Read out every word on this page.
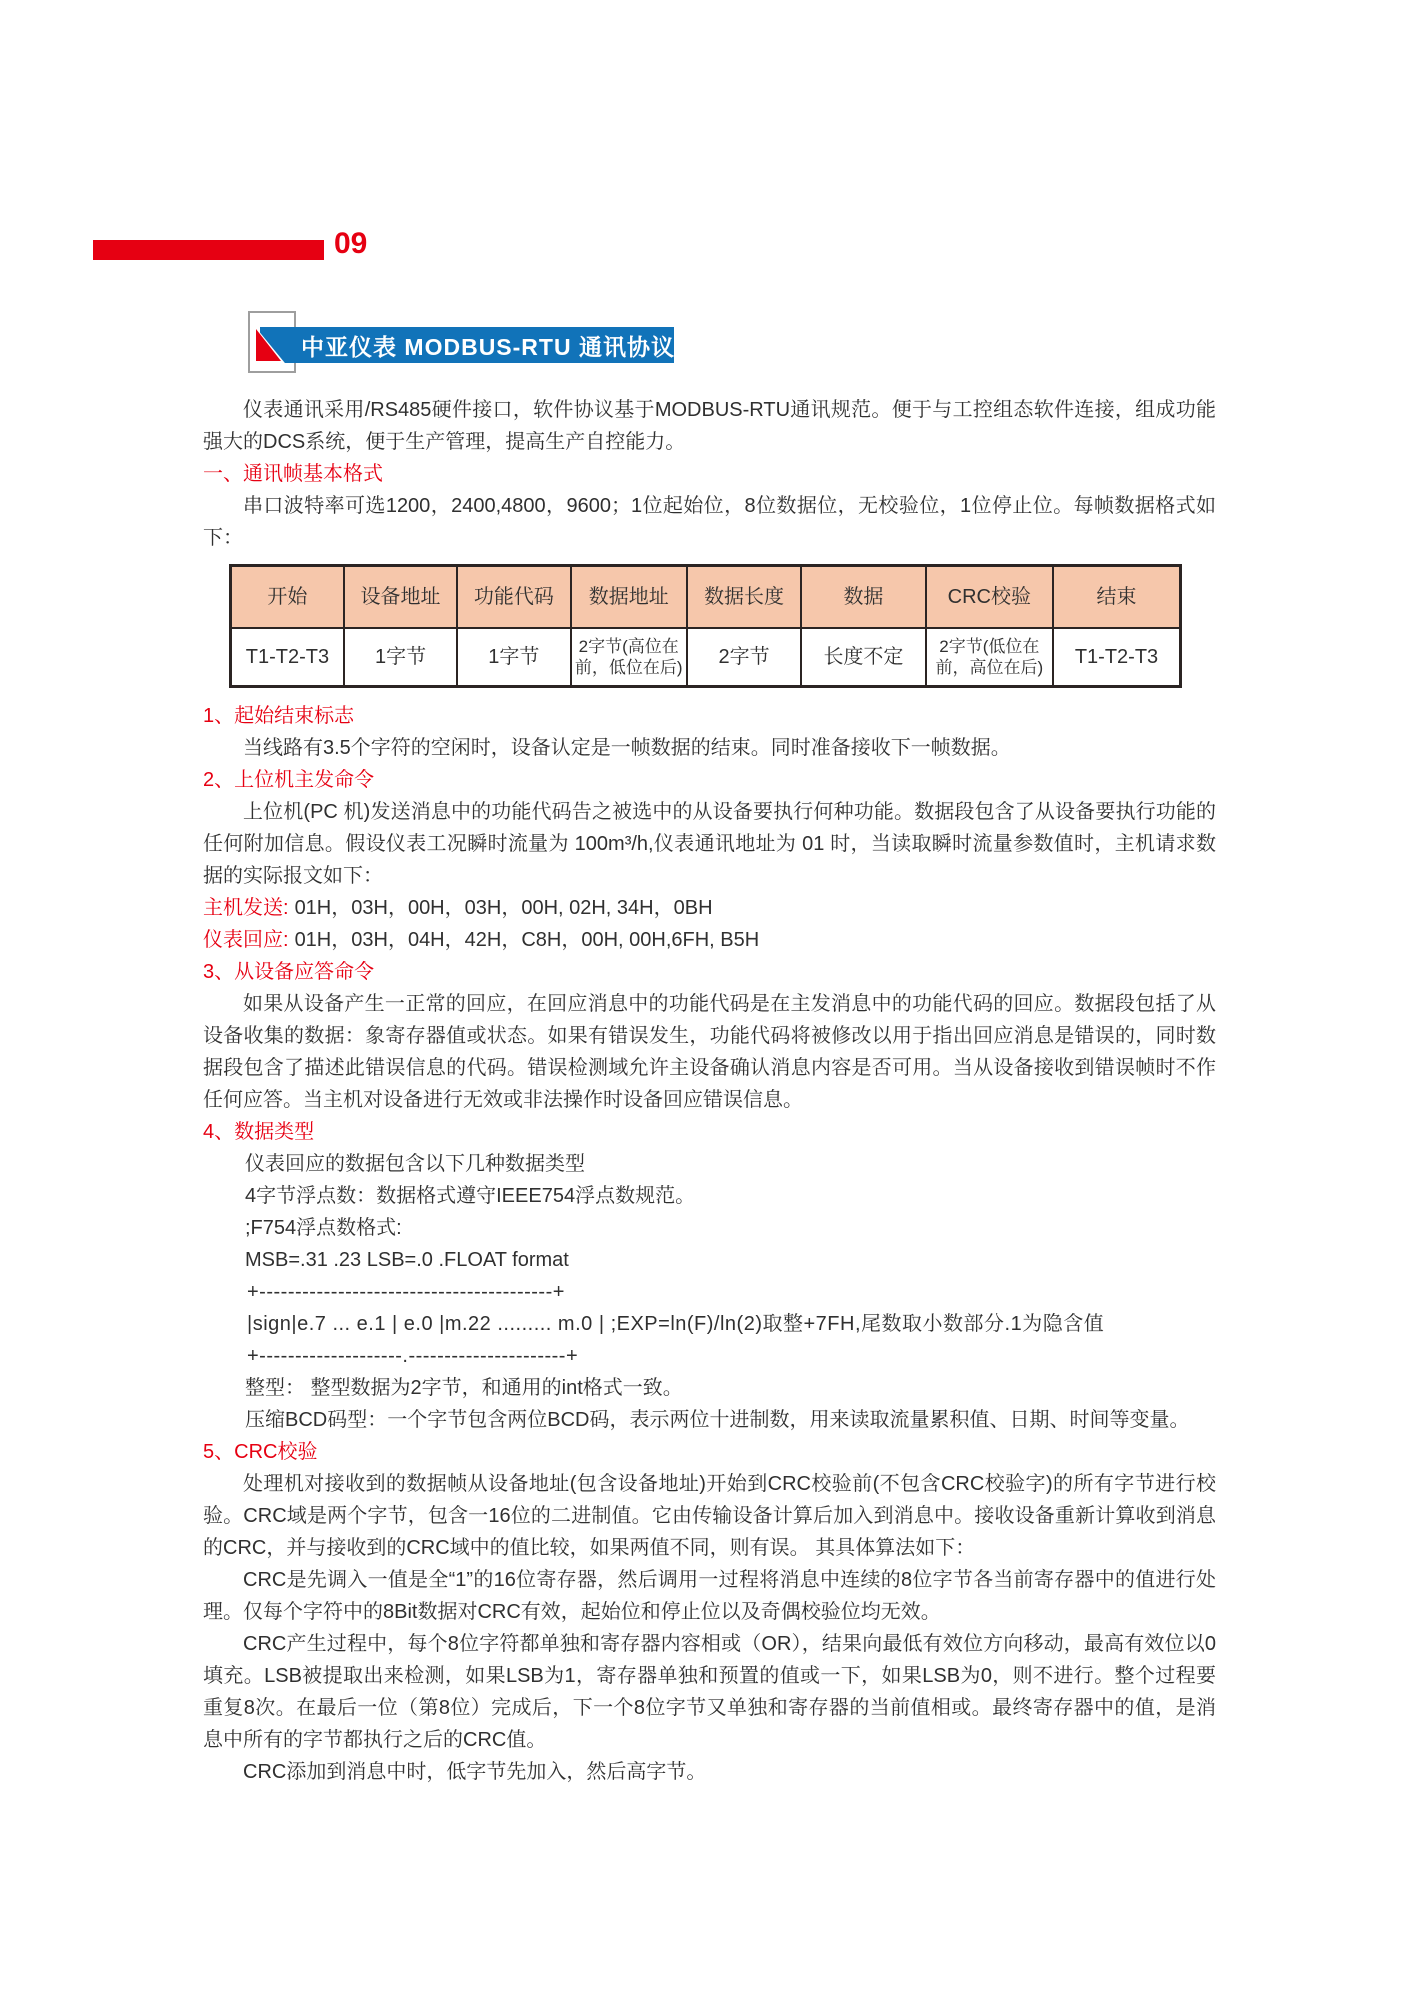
09
中亚仪表 MODBUS-RTU 通讯协议

仪表通讯采用/RS485硬件接口，软件协议基于MODBUS-RTU通讯规范。便于与工控组态软件连接，组成功能强大的DCS系统，便于生产管理，提高生产自控能力。

一、通讯帧基本格式

串口波特率可选1200，2400,4800，9600；1位起始位，8位数据位，无校验位，1位停止位。每帧数据格式如下：

开始	设备地址	功能代码	数据地址	数据长度	数据	CRC校验	结束
T1-T2-T3	1字节	1字节	2字节(高位在前，低位在后)	2字节	长度不定	2字节(低位在前，高位在后)	T1-T2-T3

1、起始结束标志

当线路有3.5个字符的空闲时，设备认定是一帧数据的结束。同时准备接收下一帧数据。

2、上位机主发命令

上位机(PC 机)发送消息中的功能代码告之被选中的从设备要执行何种功能。数据段包含了从设备要执行功能的任何附加信息。假设仪表工况瞬时流量为 100m³/h,仪表通讯地址为 01 时，当读取瞬时流量参数值时，主机请求数据的实际报文如下：

主机发送: 01H，03H，00H，03H，00H, 02H, 34H，0BH

仪表回应: 01H，03H，04H，42H，C8H，00H, 00H,6FH, B5H

3、从设备应答命令

如果从设备产生一正常的回应，在回应消息中的功能代码是在主发消息中的功能代码的回应。数据段包括了从设备收集的数据：象寄存器值或状态。如果有错误发生，功能代码将被修改以用于指出回应消息是错误的，同时数据段包含了描述此错误信息的代码。错误检测域允许主设备确认消息内容是否可用。当从设备接收到错误帧时不作任何应答。当主机对设备进行无效或非法操作时设备回应错误信息。

4、数据类型

仪表回应的数据包含以下几种数据类型

4字节浮点数：数据格式遵守IEEE754浮点数规范。

;F754浮点数格式:

MSB=.31 .23 LSB=.0 .FLOAT format

+-----------------------------------------+

|sign|e.7 ... e.1 | e.0 |m.22 ......... m.0 | ;EXP=ln(F)/ln(2)取整+7FH,尾数取小数部分.1为隐含值

+--------------------.----------------------+

整型： 整型数据为2字节，和通用的int格式一致。

压缩BCD码型：一个字节包含两位BCD码，表示两位十进制数，用来读取流量累积值、日期、时间等变量。

5、CRC校验

处理机对接收到的数据帧从设备地址(包含设备地址)开始到CRC校验前(不包含CRC校验字)的所有字节进行校验。CRC域是两个字节，包含一16位的二进制值。它由传输设备计算后加入到消息中。接收设备重新计算收到消息的CRC，并与接收到的CRC域中的值比较，如果两值不同，则有误。 其具体算法如下：

CRC是先调入一值是全“1”的16位寄存器，然后调用一过程将消息中连续的8位字节各当前寄存器中的值进行处理。仅每个字符中的8Bit数据对CRC有效，起始位和停止位以及奇偶校验位均无效。

CRC产生过程中，每个8位字符都单独和寄存器内容相或（OR），结果向最低有效位方向移动，最高有效位以0填充。LSB被提取出来检测，如果LSB为1，寄存器单独和预置的值或一下，如果LSB为0，则不进行。整个过程要重复8次。在最后一位（第8位）完成后，下一个8位字节又单独和寄存器的当前值相或。最终寄存器中的值，是消息中所有的字节都执行之后的CRC值。

CRC添加到消息中时，低字节先加入，然后高字节。
